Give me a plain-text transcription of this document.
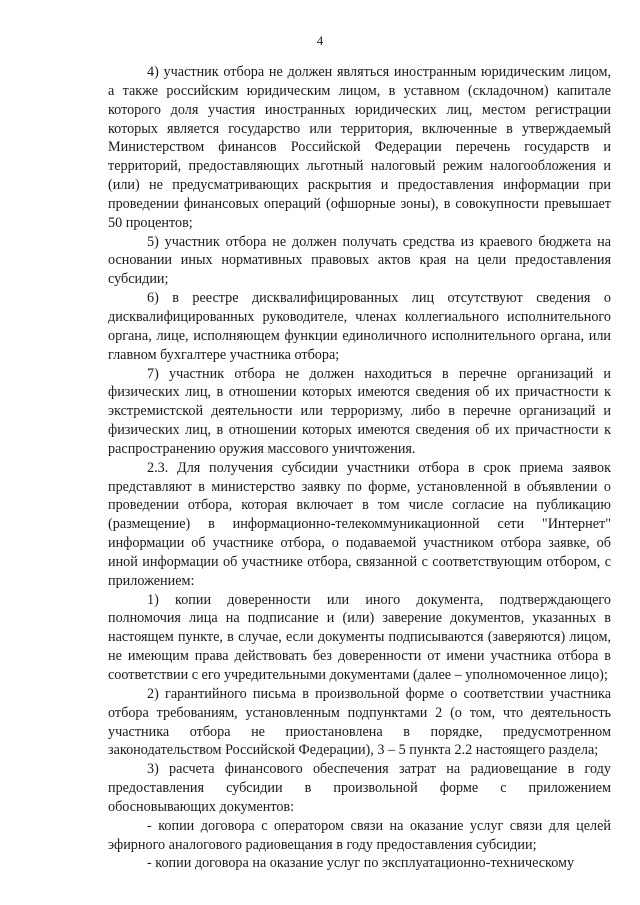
4

4) участник отбора не должен являться иностранным юридическим лицом, а также российским юридическим лицом, в уставном (складочном) капитале которого доля участия иностранных юридических лиц, местом регистрации которых является государство или территория, включенные в утверждаемый Министерством финансов Российской Федерации перечень государств и территорий, предоставляющих льготный налоговый режим налогообложения и (или) не предусматривающих раскрытия и предоставления информации при проведении финансовых операций (офшорные зоны), в совокупности превышает 50 процентов;

5) участник отбора не должен получать средства из краевого бюджета на основании иных нормативных правовых актов края на цели предоставления субсидии;

6) в реестре дисквалифицированных лиц отсутствуют сведения о дисквалифицированных руководителе, членах коллегиального исполнительного органа, лице, исполняющем функции единоличного исполнительного органа, или главном бухгалтере участника отбора;

7) участник отбора не должен находиться в перечне организаций и физических лиц, в отношении которых имеются сведения об их причастности к экстремистской деятельности или терроризму, либо в перечне организаций и физических лиц, в отношении которых имеются сведения об их причастности к распространению оружия массового уничтожения.

2.3. Для получения субсидии участники отбора в срок приема заявок представляют в министерство заявку по форме, установленной в объявлении о проведении отбора, которая включает в том числе согласие на публикацию (размещение) в информационно-телекоммуникационной сети "Интернет" информации об участнике отбора, о подаваемой участником отбора заявке, об иной информации об участнике отбора, связанной с соответствующим отбором, с приложением:

1) копии доверенности или иного документа, подтверждающего полномочия лица на подписание и (или) заверение документов, указанных в настоящем пункте, в случае, если документы подписываются (заверяются) лицом, не имеющим права действовать без доверенности от имени участника отбора в соответствии с его учредительными документами (далее – уполномоченное лицо);

2) гарантийного письма в произвольной форме о соответствии участника отбора требованиям, установленным подпунктами 2 (о том, что деятельность участника отбора не приостановлена в порядке, предусмотренном законодательством Российской Федерации), 3 – 5 пункта 2.2 настоящего раздела;

3) расчета финансового обеспечения затрат на радиовещание в году предоставления субсидии в произвольной форме с приложением обосновывающих документов:

- копии договора с оператором связи на оказание услуг связи для целей эфирного аналогового радиовещания в году предоставления субсидии;

- копии договора на оказание услуг по эксплуатационно-техническому
